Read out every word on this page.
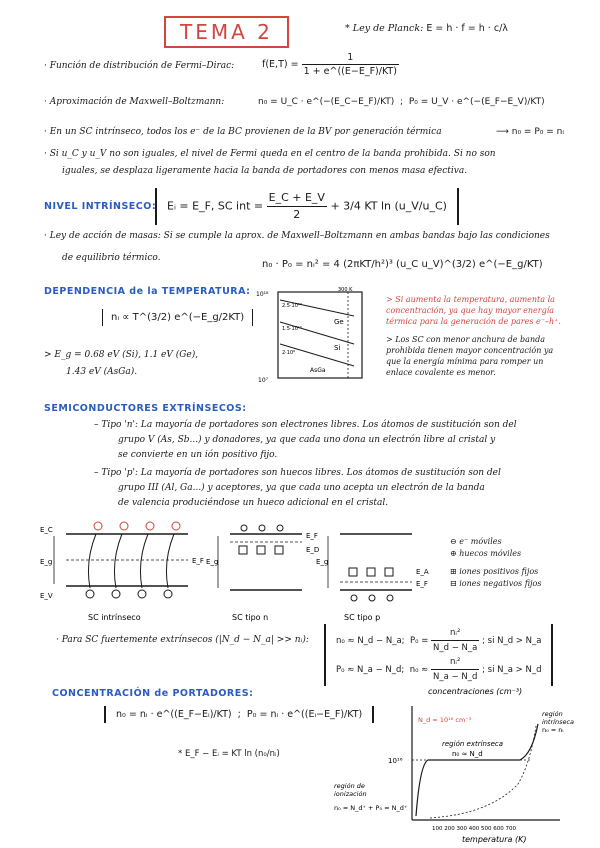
TEMA 2	* Ley de Planck: E = h · f = h · c/λ
· Función de distribución de Fermi–Dirac:	$f(E,T) = \frac{1}{1 + e\^{}((E-E\_F)/KT)}$
· Aproximación de Maxwell–Boltzmann:	n₀ = U_C · e^(−(E_C−E_F)/KT) ; P₀ = U_V · e^(−(E_F−E_V)/KT)
· En un SC intrínseco, todos los e⁻ de la BC provienen de la BV por generación térmica	⟶ n₀ = P₀ = nᵢ
· Si u_C y u_V no son iguales, el nivel de Fermi queda en el centro de la banda prohibida. Si no son
iguales, se desplaza ligeramente hacia la banda de portadores con menos masa efectiva.
NIVEL INTRÍNSECO: Eᵢ = E_F, SC int = $\frac{E\_C + E\_V}{2} + 3/4$ KT ln (u_V/u_C)
· Ley de acción de masas: Si se cumple la aprox. de Maxwell–Boltzmann en ambas bandas bajo las condiciones
de equilibrio térmico.
n₀ · P₀ = nᵢ² = 4 (2πKT/h²)³ (u_C u_V)^(3/2) e^(−E_g/KT)
DEPENDENCIA de la TEMPERATURA:
nᵢ ∝ T^(3/2) e^(−E_g/2KT)
> E_g = 0.68 eV (Si), 1.1 eV (Ge),
1.43 eV (AsGa).
10¹⁸
10⁷
300 K
2.5·10¹³
1.5·10¹⁰
2·10⁶
Ge
Si
AsGa
> Si aumenta la temperatura, aumenta la
concentración, ya que hay mayor energía
térmica para la generación de pares e⁻–h⁺.
> Los SC con menor anchura de banda
prohibida tienen mayor concentración ya
que la energía mínima para romper un
enlace covalente es menor.
SEMICONDUCTORES EXTRÍNSECOS:
– Tipo 'n': La mayoría de portadores son electrones libres. Los átomos de sustitución son del
grupo V (As, Sb...) y donadores, ya que cada uno dona un electrón libre al cristal y
se convierte en un ión positivo fijo.
– Tipo 'p': La mayoría de portadores son huecos libres. Los átomos de sustitución son del
grupo III (Al, Ga...) y aceptores, ya que cada uno acepta un electrón de la banda
de valencia produciéndose un hueco adicional en el cristal.
E_C
E_g
E_V
E_F
SC intrínseco
E_g
E_F
E_D
SC tipo n
E_g
E_A
E_F
SC tipo p
⊖ e⁻ móviles
⊕ huecos móviles
⊞ iones positivos fijos
⊟ iones negativos fijos
· Para SC fuertemente extrínsecos (|N_d − N_a| >> nᵢ):	n₀ ≈ N_d − N_a;  $P_0 = \frac{\text{nᵢ²}}{N\_d - N\_a}$ ; si N_d > N_a
P₀ ≈ N_a − N_d;  $n_0 \approx \frac{\text{nᵢ²}}{N\_a - N\_d}$ ; si N_a > N_d
CONCENTRACIÓN de PORTADORES:
n₀ = nᵢ · e^((E_F−Eᵢ)/KT) ; P₀ = nᵢ · e^((Eᵢ−E_F)/KT)
* E_F − Eᵢ = KT ln (n₀/nᵢ)
concentraciones (cm⁻³)
N_d = 10¹⁶ cm⁻³
10¹⁶
región extrínseca
n₀ ≈ N_d
región
intrínseca
n₀ ≈ nᵢ
región de
ionización
n₀ ≈ N_d⁺ + P₀ ≈ N_d⁺
100 200 300 400 500 600 700
temperatura (K)
